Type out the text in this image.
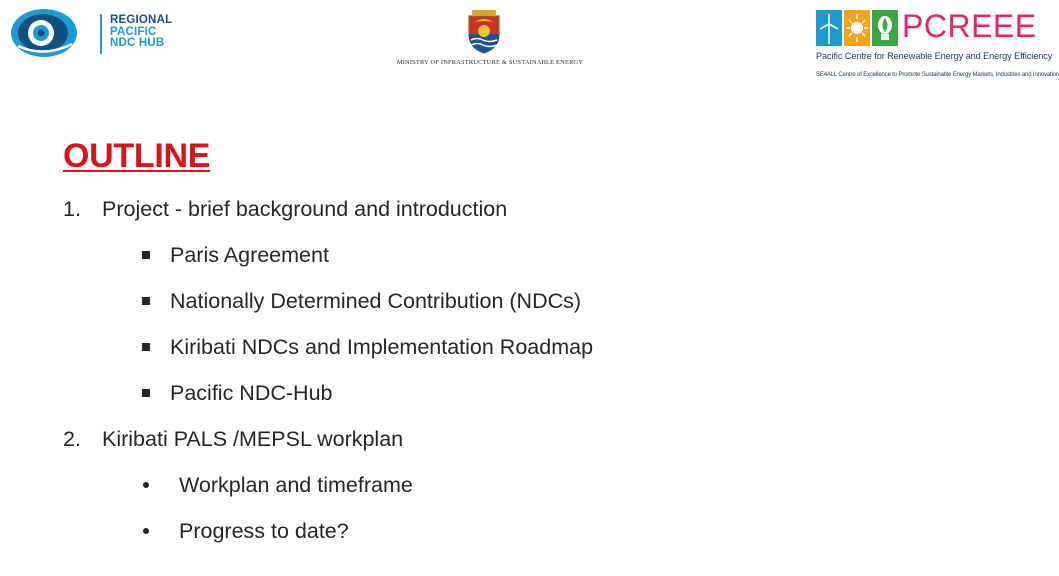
REGIONAL
PACIFIC
NDC HUB
MINISTRY OF INFRASTRUCTURE & SUSTAINABLE ENERGY
PCREEE
Pacific Centre for Renewable Energy and Energy Efficiency
SE4ALL Centre of Excellence to Promote Sustainable Energy Markets, Industries and Innovation
OUTLINE
1. Project - brief background and introduction
Paris Agreement
Nationally Determined Contribution (NDCs)
Kiribati NDCs and Implementation Roadmap
Pacific NDC-Hub
2. Kiribati PALS /MEPSL workplan
Workplan and timeframe
Progress to date?
